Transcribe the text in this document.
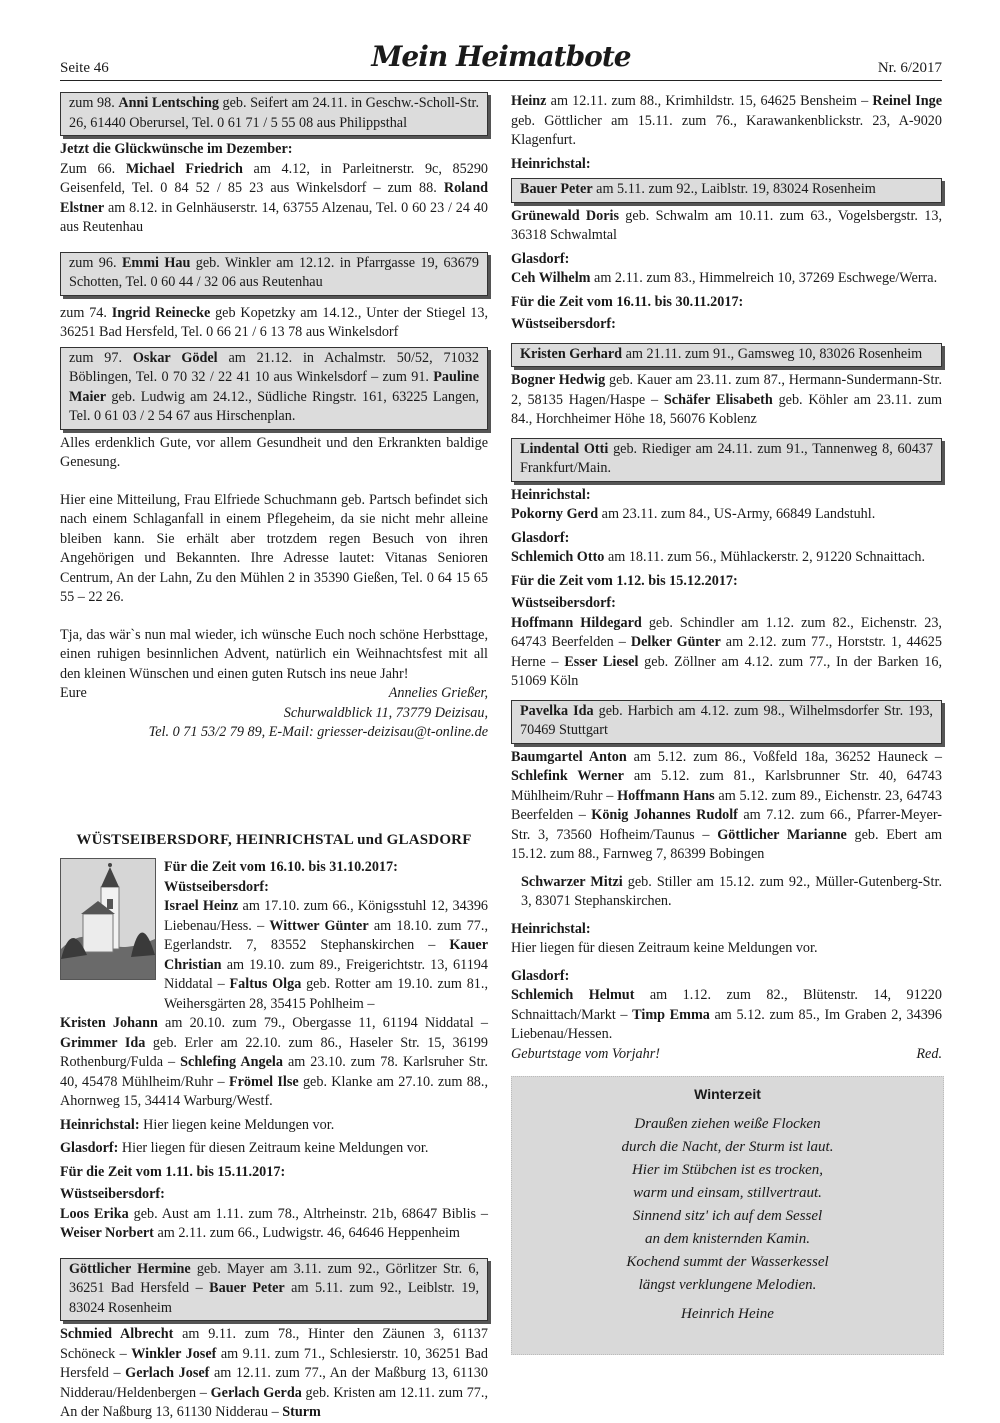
Seite 46	Mein Heimatbote	Nr. 6/2017
zum 98. Anni Lentsching geb. Seifert am 24.11. in Geschw.-Scholl-Str. 26, 61440 Oberursel, Tel. 0 61 71 / 5 55 08 aus Philippsthal

Jetzt die Glückwünsche im Dezember:

Zum 66. Michael Friedrich am 4.12, in Parleitnerstr. 9c, 85290 Geisenfeld, Tel. 0 84 52 / 85 23 aus Winkelsdorf – zum 88. Roland Elstner am 8.12. in Gelnhäuserstr. 14, 63755 Alzenau, Tel. 0 60 23 / 24 40 aus Reutenhau

zum 96. Emmi Hau geb. Winkler am 12.12. in Pfarrgasse 19, 63679 Schotten, Tel. 0 60 44 / 32 06 aus Reutenhau

zum 74. Ingrid Reinecke geb Kopetzky am 14.12., Unter der Stiegel 13, 36251 Bad Hersfeld, Tel. 0 66 21 / 6 13 78 aus Winkelsdorf

zum 97. Oskar Gödel am 21.12. in Achalmstr. 50/52, 71032 Böblingen, Tel. 0 70 32 / 22 41 10 aus Winkelsdorf – zum 91. Pauline Maier geb. Ludwig am 24.12., Südliche Ringstr. 161, 63225 Langen, Tel. 0 61 03 / 2 54 67 aus Hirschenplan.

Alles erdenklich Gute, vor allem Gesundheit und den Erkrankten baldige Genesung.

Hier eine Mitteilung, Frau Elfriede Schuchmann geb. Partsch befindet sich nach einem Schlaganfall in einem Pflegeheim, da sie nicht mehr alleine bleiben kann. Sie erhält aber trotzdem regen Besuch von ihren Angehörigen und Bekannten. Ihre Adresse lautet: Vitanas Senioren Centrum, An der Lahn, Zu den Mühlen 2 in 35390 Gießen, Tel. 0 64 15 65 55 – 22 26.

Tja, das wär`s nun mal wieder, ich wünsche Euch noch schöne Herbsttage, einen ruhigen besinnlichen Advent, natürlich ein Weihnachtsfest mit all den kleinen Wünschen und einen guten Rutsch ins neue Jahr!

Eure	Annelies Grießer,

Schurwaldblick 11, 73779 Deizisau,

Tel. 0 71 53/2 79 89, E-Mail: griesser-deizisau@t-online.de

WÜSTSEIBERSDORF, HEINRICHSTAL und GLASDORF

Für die Zeit vom 16.10. bis 31.10.2017:

Wüstseibersdorf:

Israel Heinz am 17.10. zum 66., Königsstuhl 12, 34396 Liebenau/Hess. – Wittwer Günter am 18.10. zum 77., Egerlandstr. 7, 83552 Stephanskirchen – Kauer Christian am 19.10. zum 89., Freigerichtstr. 13, 61194 Niddatal – Faltus Olga geb. Rotter am 19.10. zum 81., Weihersgärten 28, 35415 Pohlheim –

Kristen Johann am 20.10. zum 79., Obergasse 11, 61194 Niddatal – Grimmer Ida geb. Erler am 22.10. zum 86., Haseler Str. 15, 36199 Rothenburg/Fulda – Schlefing Angela am 23.10. zum 78. Karlsruher Str. 40, 45478 Mühlheim/Ruhr – Frömel Ilse geb. Klanke am 27.10. zum 88., Ahornweg 15, 34414 Warburg/Westf.

Heinrichstal: Hier liegen keine Meldungen vor.

Glasdorf: Hier liegen für diesen Zeitraum keine Meldungen vor.

Für die Zeit vom 1.11. bis 15.11.2017:

Wüstseibersdorf:

Loos Erika geb. Aust am 1.11. zum 78., Altrheinstr. 21b, 68647 Biblis – Weiser Norbert am 2.11. zum 66., Ludwigstr. 46, 64646 Heppenheim

Göttlicher Hermine geb. Mayer am 3.11. zum 92., Görlitzer Str. 6, 36251 Bad Hersfeld – Bauer Peter am 5.11. zum 92., Leiblstr. 19, 83024 Rosenheim

Schmied Albrecht am 9.11. zum 78., Hinter den Zäunen 3, 61137 Schöneck – Winkler Josef am 9.11. zum 71., Schlesierstr. 10, 36251 Bad Hersfeld – Gerlach Josef am 12.11. zum 77., An der Maßburg 13, 61130 Nidderau/Heldenbergen – Gerlach Gerda geb. Kristen am 12.11. zum 77., An der Naßburg 13, 61130 Nidderau – Sturm

Heinz am 12.11. zum 88., Krimhildstr. 15, 64625 Bensheim – Reinel Inge geb. Göttlicher am 15.11. zum 76., Karawankenblickstr. 23, A-9020 Klagenfurt.

Heinrichstal:

Bauer Peter am 5.11. zum 92., Laiblstr. 19, 83024 Rosenheim

Grünewald Doris geb. Schwalm am 10.11. zum 63., Vogelsbergstr. 13, 36318 Schwalmtal

Glasdorf:

Ceh Wilhelm am 2.11. zum 83., Himmelreich 10, 37269 Eschwege/Werra.

Für die Zeit vom 16.11. bis 30.11.2017:

Wüstseibersdorf:

Kristen Gerhard am 21.11. zum 91., Gamsweg 10, 83026 Rosenheim

Bogner Hedwig geb. Kauer am 23.11. zum 87., Hermann-Sundermann-Str. 2, 58135 Hagen/Haspe – Schäfer Elisabeth geb. Köhler am 23.11. zum 84., Horchheimer Höhe 18, 56076 Koblenz

Lindental Otti geb. Riediger am 24.11. zum 91., Tannenweg 8, 60437 Frankfurt/Main.

Heinrichstal:

Pokorny Gerd am 23.11. zum 84., US-Army, 66849 Landstuhl.

Glasdorf:

Schlemich Otto am 18.11. zum 56., Mühlackerstr. 2, 91220 Schnaittach.

Für die Zeit vom 1.12. bis 15.12.2017:

Wüstseibersdorf:

Hoffmann Hildegard geb. Schindler am 1.12. zum 82., Eichenstr. 23, 64743 Beerfelden – Delker Günter am 2.12. zum 77., Horststr. 1, 44625 Herne – Esser Liesel geb. Zöllner am 4.12. zum 77., In der Barken 16, 51069 Köln

Pavelka Ida geb. Harbich am 4.12. zum 98., Wilhelmsdorfer Str. 193, 70469 Stuttgart

Baumgartel Anton am 5.12. zum 86., Voßfeld 18a, 36252 Hauneck – Schlefink Werner am 5.12. zum 81., Karlsbrunner Str. 40, 64743 Mühlheim/Ruhr – Hoffmann Hans am 5.12. zum 89., Eichenstr. 23, 64743 Beerfelden – König Johannes Rudolf am 7.12. zum 66., Pfarrer-Meyer-Str. 3, 73560 Hofheim/Taunus – Göttlicher Marianne geb. Ebert am 15.12. zum 88., Farnweg 7, 86399 Bobingen

Schwarzer Mitzi geb. Stiller am 15.12. zum 92., Müller-Gutenberg-Str. 3, 83071 Stephanskirchen.

Heinrichstal:

Hier liegen für diesen Zeitraum keine Meldungen vor.

Glasdorf:

Schlemich Helmut am 1.12. zum 82., Blütenstr. 14, 91220 Schnaittach/Markt – Timp Emma am 5.12. zum 85., Im Graben 2, 34396 Liebenau/Hessen.

Geburtstage vom Vorjahr!	Red.
Winterzeit
Draußen ziehen weiße Flocken
durch die Nacht, der Sturm ist laut.
Hier im Stübchen ist es trocken,
warm und einsam, stillvertraut.
Sinnend sitz' ich auf dem Sessel
an dem knisternden Kamin.
Kochend summt der Wasserkessel
längst verklungene Melodien.
Heinrich Heine
